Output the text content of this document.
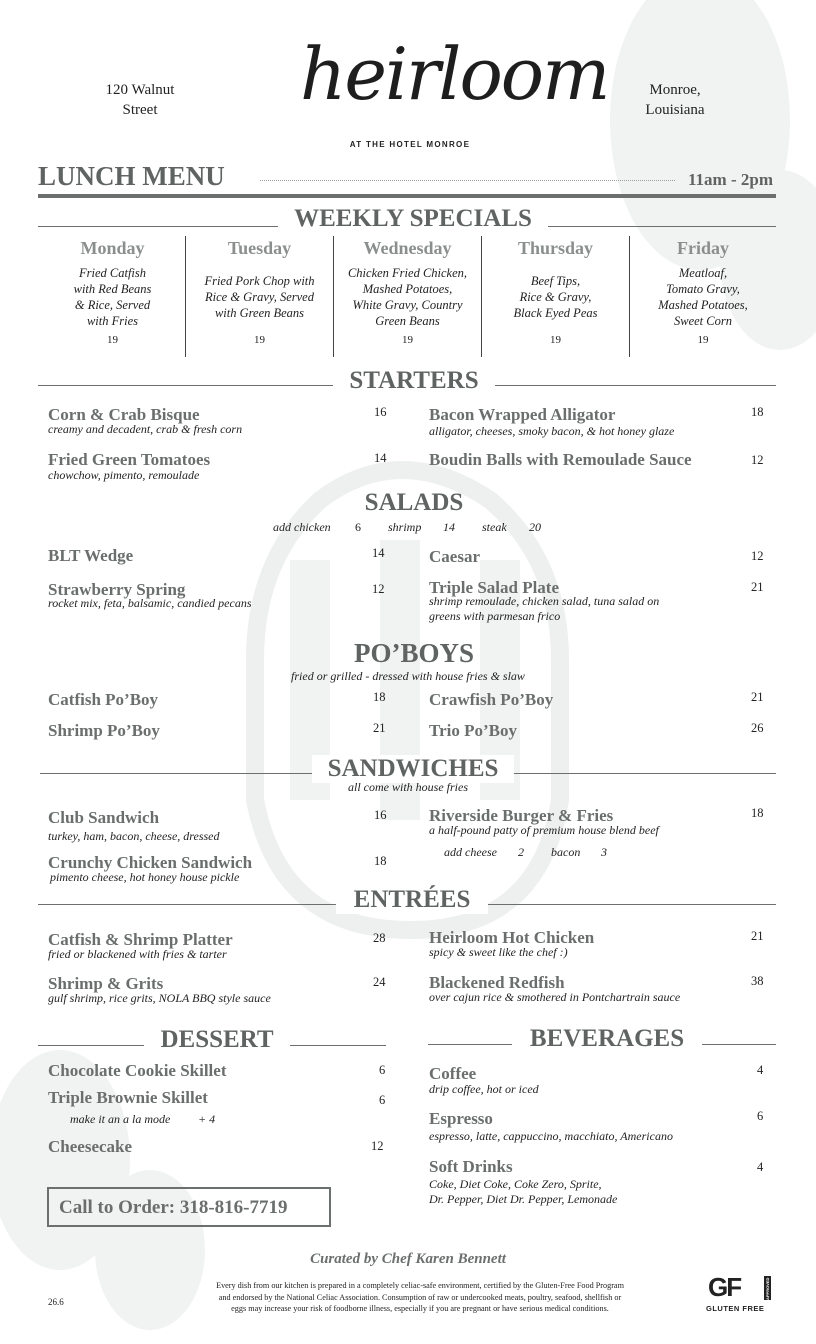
120 Walnut
Street
Monroe,
Louisiana
heirloom
AT THE HOTEL MONROE
LUNCH MENU	11am - 2pm
WEEKLY SPECIALS
Monday
Fried Catfish
with Red Beans
& Rice, Served
with Fries
19
Tuesday
Fried Pork Chop with
Rice & Gravy, Served
with Green Beans
19
Wednesday
Chicken Fried Chicken,
Mashed Potatoes,
White Gravy, Country
Green Beans
19
Thursday
Beef Tips,
Rice & Gravy,
Black Eyed Peas
19
Friday
Meatloaf,
Tomato Gravy,
Mashed Potatoes,
Sweet Corn
19
STARTERS
Corn & Crab Bisque
creamy and decadent, crab & fresh corn
16	Bacon Wrapped Alligator
alligator, cheeses, smoky bacon, & hot honey glaze
18
Fried Green Tomatoes
chowchow, pimento, remoulade
14	Boudin Balls with Remoulade Sauce	12
SALADS
add chicken 6 shrimp 14 steak 20
BLT Wedge	14	Caesar	12
Strawberry Spring
rocket mix, feta, balsamic, candied pecans
12	Triple Salad Plate
shrimp remoulade, chicken salad, tuna salad on
greens with parmesan frico
21
PO’BOYS
fried or grilled - dressed with house fries & slaw
Catfish Po’Boy	18	Crawfish Po’Boy	21
Shrimp Po’Boy	21	Trio Po’Boy	26
SANDWICHES
all come with house fries
Club Sandwich
turkey, ham, bacon, cheese, dressed
16	Riverside Burger & Fries
a half-pound patty of premium house blend beef
18
add cheese 2 bacon 3
Crunchy Chicken Sandwich
pimento cheese, hot honey house pickle
18
ENTRÉES
Catfish & Shrimp Platter
fried or blackened with fries & tarter
28	Heirloom Hot Chicken
spicy & sweet like the chef :)
21
Shrimp & Grits
gulf shrimp, rice grits, NOLA BBQ style sauce
24	Blackened Redfish
over cajun rice & smothered in Pontchartrain sauce
38
DESSERT
Chocolate Cookie Skillet	6
Triple Brownie Skillet	6
make it an a la mode + 4
Cheesecake	12
BEVERAGES
Coffee
drip coffee, hot or iced
4
Espresso
espresso, latte, cappuccino, macchiato, Americano
6
Soft Drinks
Coke, Diet Coke, Coke Zero, Sprite,
Dr. Pepper, Diet Dr. Pepper, Lemonade
4
Call to Order: 318-816-7719
Curated by Chef Karen Bennett
Every dish from our kitchen is prepared in a completely celiac-safe environment, certified by the Gluten-Free Food Program
and endorsed by the National Celiac Association. Consumption of raw or undercooked meats, poultry, seafood, shellfish or
eggs may increase your risk of foodborne illness, especially if you are pregnant or have serious medical conditions.
26.6	GF	APPROVED
GLUTEN FREE
